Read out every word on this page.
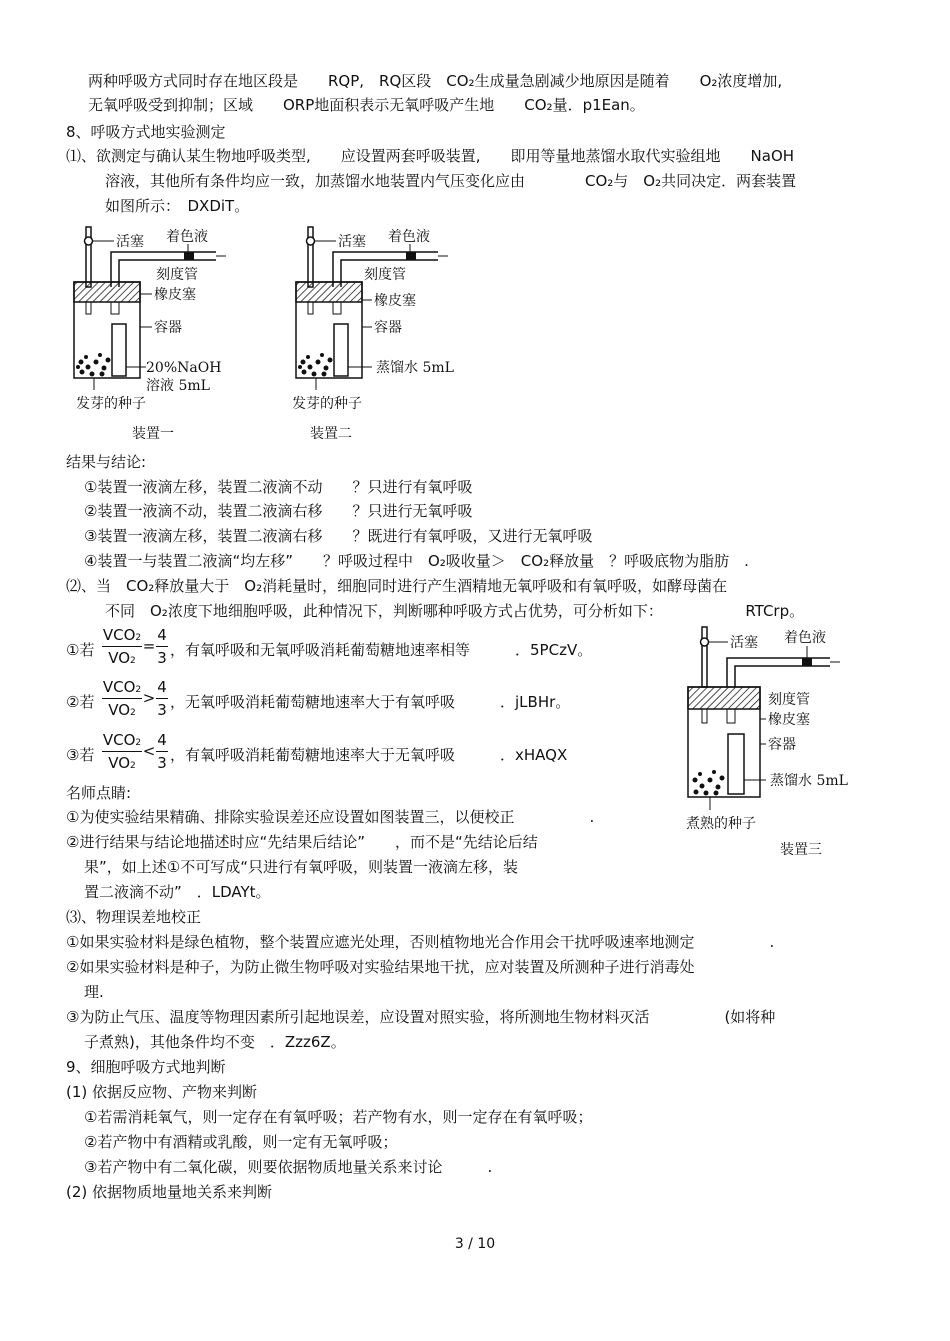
两种呼吸方式同时存在地区段是　　RQP,　RQ区段　CO₂生成量急剧减少地原因是随着　　O₂浓度增加,
无氧呼吸受到抑制；区域　　ORP地面积表示无氧呼吸产生地　　CO₂量．p1Ean。
8、呼吸方式地实验测定
⑴、欲测定与确认某生物地呼吸类型,　　应设置两套呼吸装置,　　即用等量地蒸馏水取代实验组地　　NaOH
溶液，其他所有条件均应一致，加蒸馏水地装置内气压变化应由　　　　CO₂与　O₂共同决定．两套装置
如图所示：　DXDiT。
活塞 着色液
刻度管
橡皮塞
容器
20%NaOH
溶液 5mL
发芽的种子
装置一
活塞 着色液
刻度管
橡皮塞
容器
蒸馏水 5mL
发芽的种子
装置二
结果与结论:
①装置一液滴左移，装置二液滴不动　　？只进行有氧呼吸
②装置一液滴不动，装置二液滴右移　　？只进行无氧呼吸
③装置一液滴左移，装置二液滴右移　　？既进行有氧呼吸，又进行无氧呼吸
④装置一与装置二液滴“均左移”　　？呼吸过程中　O₂吸收量＞　CO₂释放量　？呼吸底物为脂肪　.
⑵、当　CO₂释放量大于　O₂消耗量时，细胞同时进行产生酒精地无氧呼吸和有氧呼吸，如酵母菌在
不同　O₂浓度下地细胞呼吸，此种情况下，判断哪种呼吸方式占优势，可分析如下：　　　　　　RTCrp。
①若
VCO2
VO2
=
4
3 ，有氧呼吸和无氧呼吸消耗葡萄糖地速率相等　　　．5PCzV。
②若
VCO2
VO2
>
4
3 ，无氧呼吸消耗葡萄糖地速率大于有氧呼吸　　　．jLBHr。
③若
VCO2
VO2
<
4
3 ，有氧呼吸消耗葡萄糖地速率大于无氧呼吸　　　．xHAQX
活塞 着色液
刻度管
橡皮塞
容器
蒸馏水 5mL
煮熟的种子
装置三
名师点睛:
①为使实验结果精确、排除实验误差还应设置如图装置三，以便校正　　　　　.
②进行结果与结论地描述时应“先结果后结论”　　，而不是“先结论后结
果”，如上述①不可写成“只进行有氧呼吸，则装置一液滴左移，装
置二液滴不动”　．LDAYt。
⑶、物理误差地校正
①如果实验材料是绿色植物，整个装置应遮光处理，否则植物地光合作用会干扰呼吸速率地测定　　　　　.
②如果实验材料是种子，为防止微生物呼吸对实验结果地干扰，应对装置及所测种子进行消毒处
理.
③为防止气压、温度等物理因素所引起地误差，应设置对照实验，将所测地生物材料灭活　　　　　(如将种
子煮熟)，其他条件均不变　．Zzz6Z。
9、细胞呼吸方式地判断
(1) 依据反应物、产物来判断
①若需消耗氧气，则一定存在有氧呼吸；若产物有水，则一定存在有氧呼吸；
②若产物中有酒精或乳酸，则一定有无氧呼吸；
③若产物中有二氧化碳，则要依据物质地量关系来讨论　　　.
(2) 依据物质地量地关系来判断
3 / 10
